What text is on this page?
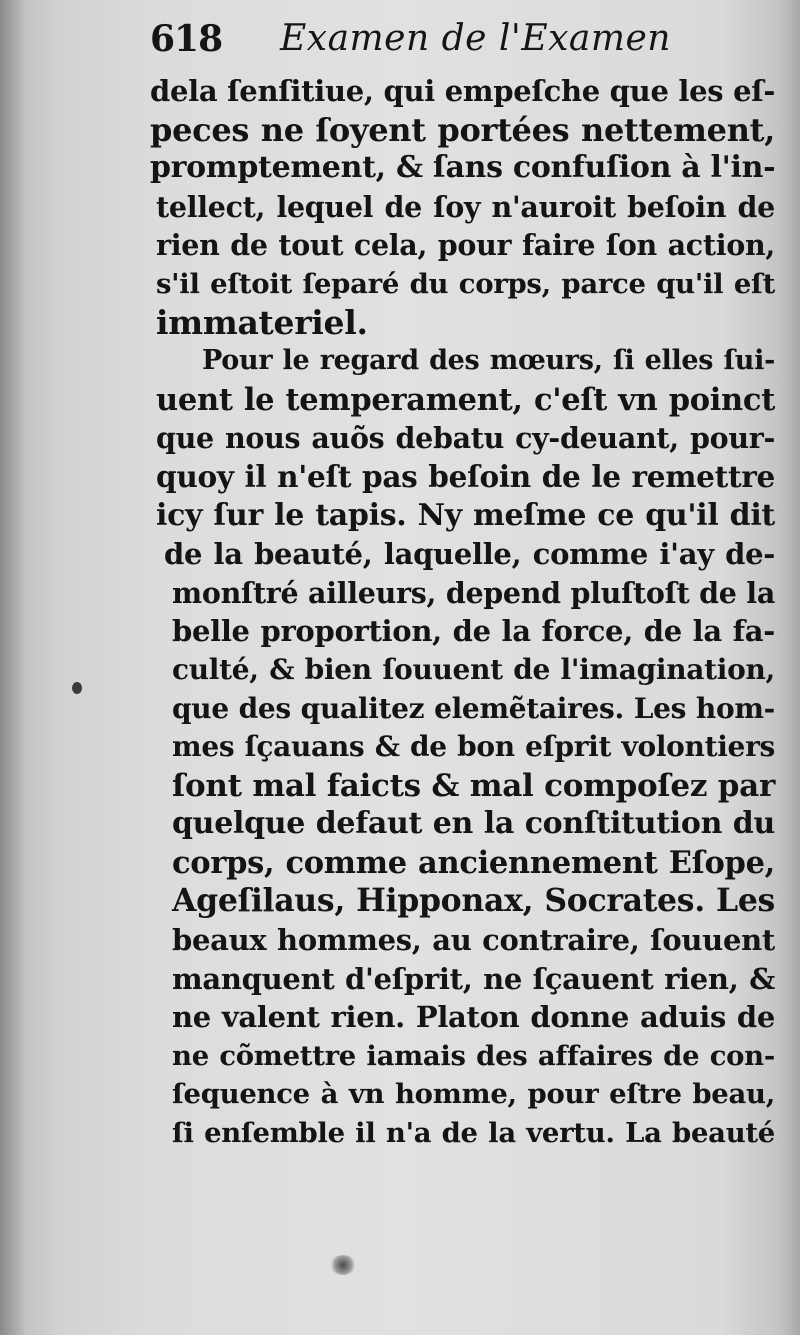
618 Examen de l'Examen
dela ſenſitiue, qui empeſche que les eſ-
peces ne ſoyent portées nettement,
promptement, & ſans confuſion à l'in-
tellect, lequel de ſoy n'auroit beſoin de
rien de tout cela, pour faire ſon action,
s'il eſtoit ſeparé du corps, parce qu'il eſt
immateriel.
Pour le regard des mœurs, ſi elles ſui-
uent le temperament, c'eſt vn poinct
que nous auõs debatu cy-deuant, pour-
quoy il n'eſt pas beſoin de le remettre
icy ſur le tapis. Ny meſme ce qu'il dit
de la beauté, laquelle, comme i'ay de-
monſtré ailleurs, depend pluſtoſt de la
belle proportion, de la force, de la fa-
culté, & bien ſouuent de l'imagination,
que des qualitez elemẽtaires. Les hom-
mes ſçauans & de bon eſprit volontiers
ſont mal faicts & mal compoſez par
quelque defaut en la conſtitution du
corps, comme anciennement Eſope,
Ageſilaus, Hipponax, Socrates. Les
beaux hommes, au contraire, ſouuent
manquent d'eſprit, ne ſçauent rien, &
ne valent rien. Platon donne aduis de
ne cõmettre iamais des affaires de con-
ſequence à vn homme, pour eſtre beau,
ſi enſemble il n'a de la vertu. La beauté
